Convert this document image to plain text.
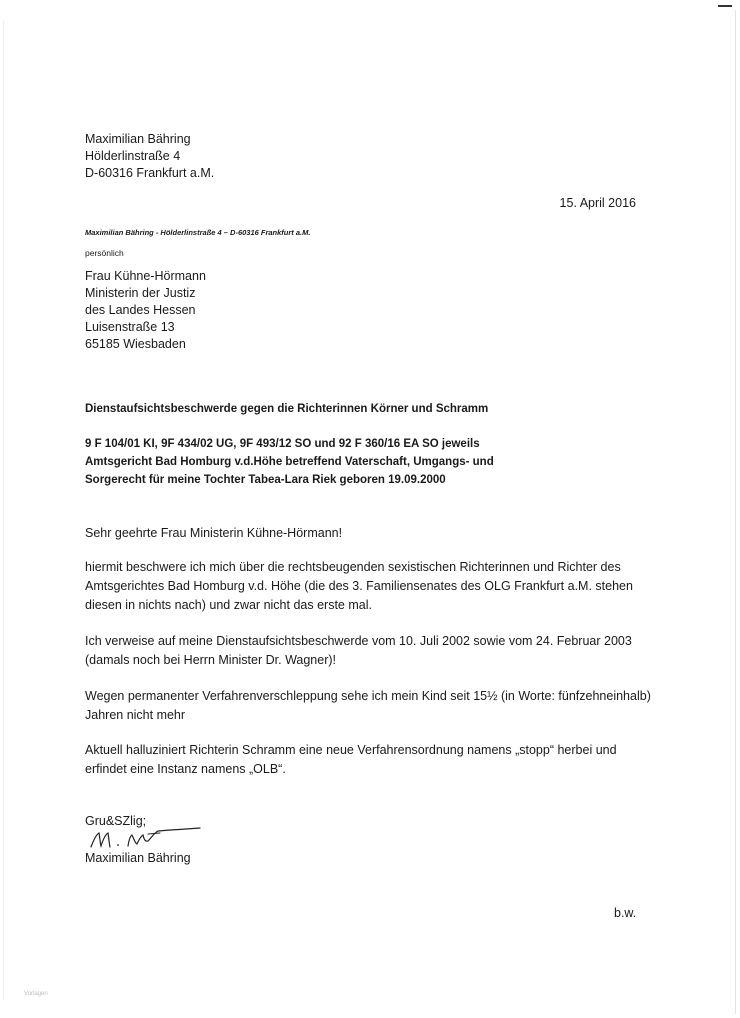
Maximilian Bähring
Hölderlinstraße 4
D-60316 Frankfurt a.M.
15. April 2016
Maximilian Bähring - Hölderlinstraße 4 – D-60316 Frankfurt a.M.
persönlich
Frau Kühne-Hörmann
Ministerin der Justiz
des Landes Hessen
Luisenstraße 13
65185 Wiesbaden
Dienstaufsichtsbeschwerde gegen die Richterinnen Körner und Schramm
9 F 104/01 KI, 9F 434/02 UG, 9F 493/12 SO und 92 F 360/16 EA SO jeweils
Amtsgericht Bad Homburg v.d.Höhe betreffend Vaterschaft, Umgangs- und
Sorgerecht für meine Tochter Tabea-Lara Riek geboren 19.09.2000
Sehr geehrte Frau Ministerin Kühne-Hörmann!
hiermit beschwere ich mich über die rechtsbeugenden sexistischen Richterinnen und Richter des
Amtsgerichtes Bad Homburg v.d. Höhe (die des 3. Familiensenates des OLG Frankfurt a.M. stehen
diesen in nichts nach) und zwar nicht das erste mal.
Ich verweise auf meine Dienstaufsichtsbeschwerde vom 10. Juli 2002 sowie vom 24. Februar 2003
(damals noch bei Herrn Minister Dr. Wagner)!
Wegen permanenter Verfahrenverschleppung sehe ich mein Kind seit 15½ (in Worte: fünfzehneinhalb)
Jahren nicht mehr
Aktuell halluziniert Richterin Schramm eine neue Verfahrensordnung namens „stopp“ herbei und
erfindet eine Instanz namens „OLB“.
Gru&SZlig;
Maximilian Bähring
b.w.
Vorlagen
